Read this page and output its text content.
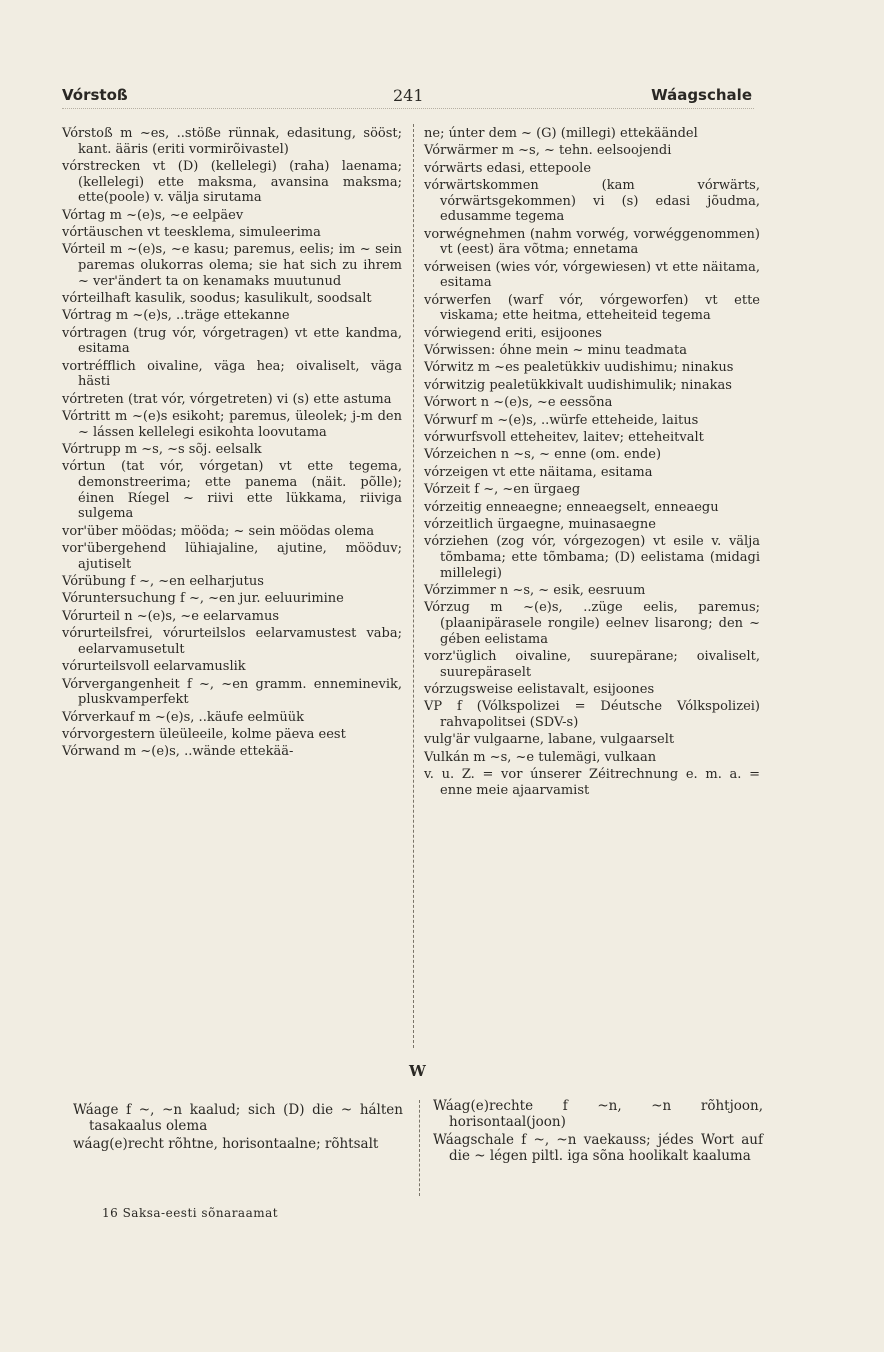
Vórstoß	241	Wáagschale

Vórstoß m ~es, ..stöße rünnak, edasitung, sööst; kant. ääris (eriti vormirõivastel)

vórstrecken vt (D) (kellelegi) (raha) laenama; (kellelegi) ette maksma, avansina maksma; ette(poole) v. välja sirutama

Vórtag m ~(e)s, ~e eelpäev

vórtäuschen vt teesklema, simuleerima

Vórteil m ~(e)s, ~e kasu; paremus, eelis; im ~ sein paremas olukorras olema; sie hat sich zu ihrem ~ ver'ändert ta on kenamaks muutunud

vórteilhaft kasulik, soodus; kasulikult, soodsalt

Vórtrag m ~(e)s, ..träge ettekanne

vórtragen (trug vór, vórgetragen) vt ette kandma, esitama

vortréfflich oivaline, väga hea; oivaliselt, väga hästi

vórtreten (trat vór, vórgetreten) vi (s) ette astuma

Vórtritt m ~(e)s esikoht; paremus, üleolek; j-m den ~ lássen kellelegi esikohta loovutama

Vórtrupp m ~s, ~s sõj. eelsalk

vórtun (tat vór, vórgetan) vt ette tegema, demonstreerima; ette panema (näit. põlle); éinen Ríegel ~ riivi ette lükkama, riiviga sulgema

vor'über möödas; mööda; ~ sein möödas olema

vor'übergehend lühiajaline, ajutine, mööduv; ajutiselt

Vórübung f ~, ~en eelharjutus

Vóruntersuchung f ~, ~en jur. eeluurimine

Vórurteil n ~(e)s, ~e eelarvamus

vórurteilsfrei, vórurteilslos eelarvamustest vaba; eelarvamusetult

vórurteilsvoll eelarvamuslik

Vórvergangenheit f ~, ~en gramm. enneminevik, pluskvamperfekt

Vórverkauf m ~(e)s, ..käufe eelmüük

vórvorgestern üleüleeile, kolme päeva eest

Vórwand m ~(e)s, ..wände ettekää-

ne; únter dem ~ (G) (millegi) ettekäändel

Vórwärmer m ~s, ~ tehn. eelsoojendi

vórwärts edasi, ettepoole

vórwärtskommen (kam vórwärts, vórwärtsgekommen) vi (s) edasi jõudma, edusamme tegema

vorwégnehmen (nahm vorwég, vorwéggenommen) vt (eest) ära võtma; ennetama

vórweisen (wies vór, vórgewiesen) vt ette näitama, esitama

vórwerfen (warf vór, vórgeworfen) vt ette viskama; ette heitma, etteheiteid tegema

vórwiegend eriti, esijoones

Vórwissen: óhne mein ~ minu teadmata

Vórwitz m ~es pealetükkiv uudishimu; ninakus

vórwitzig pealetükkivalt uudishimulik; ninakas

Vórwort n ~(e)s, ~e eessõna

Vórwurf m ~(e)s, ..würfe etteheide, laitus

vórwurfsvoll etteheitev, laitev; etteheitvalt

Vórzeichen n ~s, ~ enne (om. ende)

vórzeigen vt ette näitama, esitama

Vórzeit f ~, ~en ürgaeg

vórzeitig enneaegne; enneaegselt, enneaegu

vórzeitlich ürgaegne, muinasaegne

vórziehen (zog vór, vórgezogen) vt esile v. välja tõmbama; ette tõmbama; (D) eelistama (midagi millelegi)

Vórzimmer n ~s, ~ esik, eesruum

Vórzug m ~(e)s, ..züge eelis, paremus; (plaanipärasele rongile) eelnev lisarong; den ~ gében eelistama

vorz'üglich oivaline, suurepärane; oivaliselt, suurepäraselt

vórzugsweise eelistavalt, esijoones

VP f (Vólkspolizei = Déutsche Vólkspolizei) rahvapolitsei (SDV-s)

vulg'är vulgaarne, labane, vulgaarselt

Vulkán m ~s, ~e tulemägi, vulkaan

v. u. Z. = vor únserer Zéitrechnung e. m. a. = enne meie ajaarvamist

W

Wáage f ~, ~n kaalud; sich (D) die ~ hálten tasakaalus olema

wáag(e)recht rõhtne, horisontaalne; rõhtsalt

Wáag(e)rechte f ~n, ~n rõhtjoon, horisontaal(joon)

Wáagschale f ~, ~n vaekauss; jédes Wort auf die ~ légen piltl. iga sõna hoolikalt kaaluma

16 Saksa-eesti sõnaraamat
